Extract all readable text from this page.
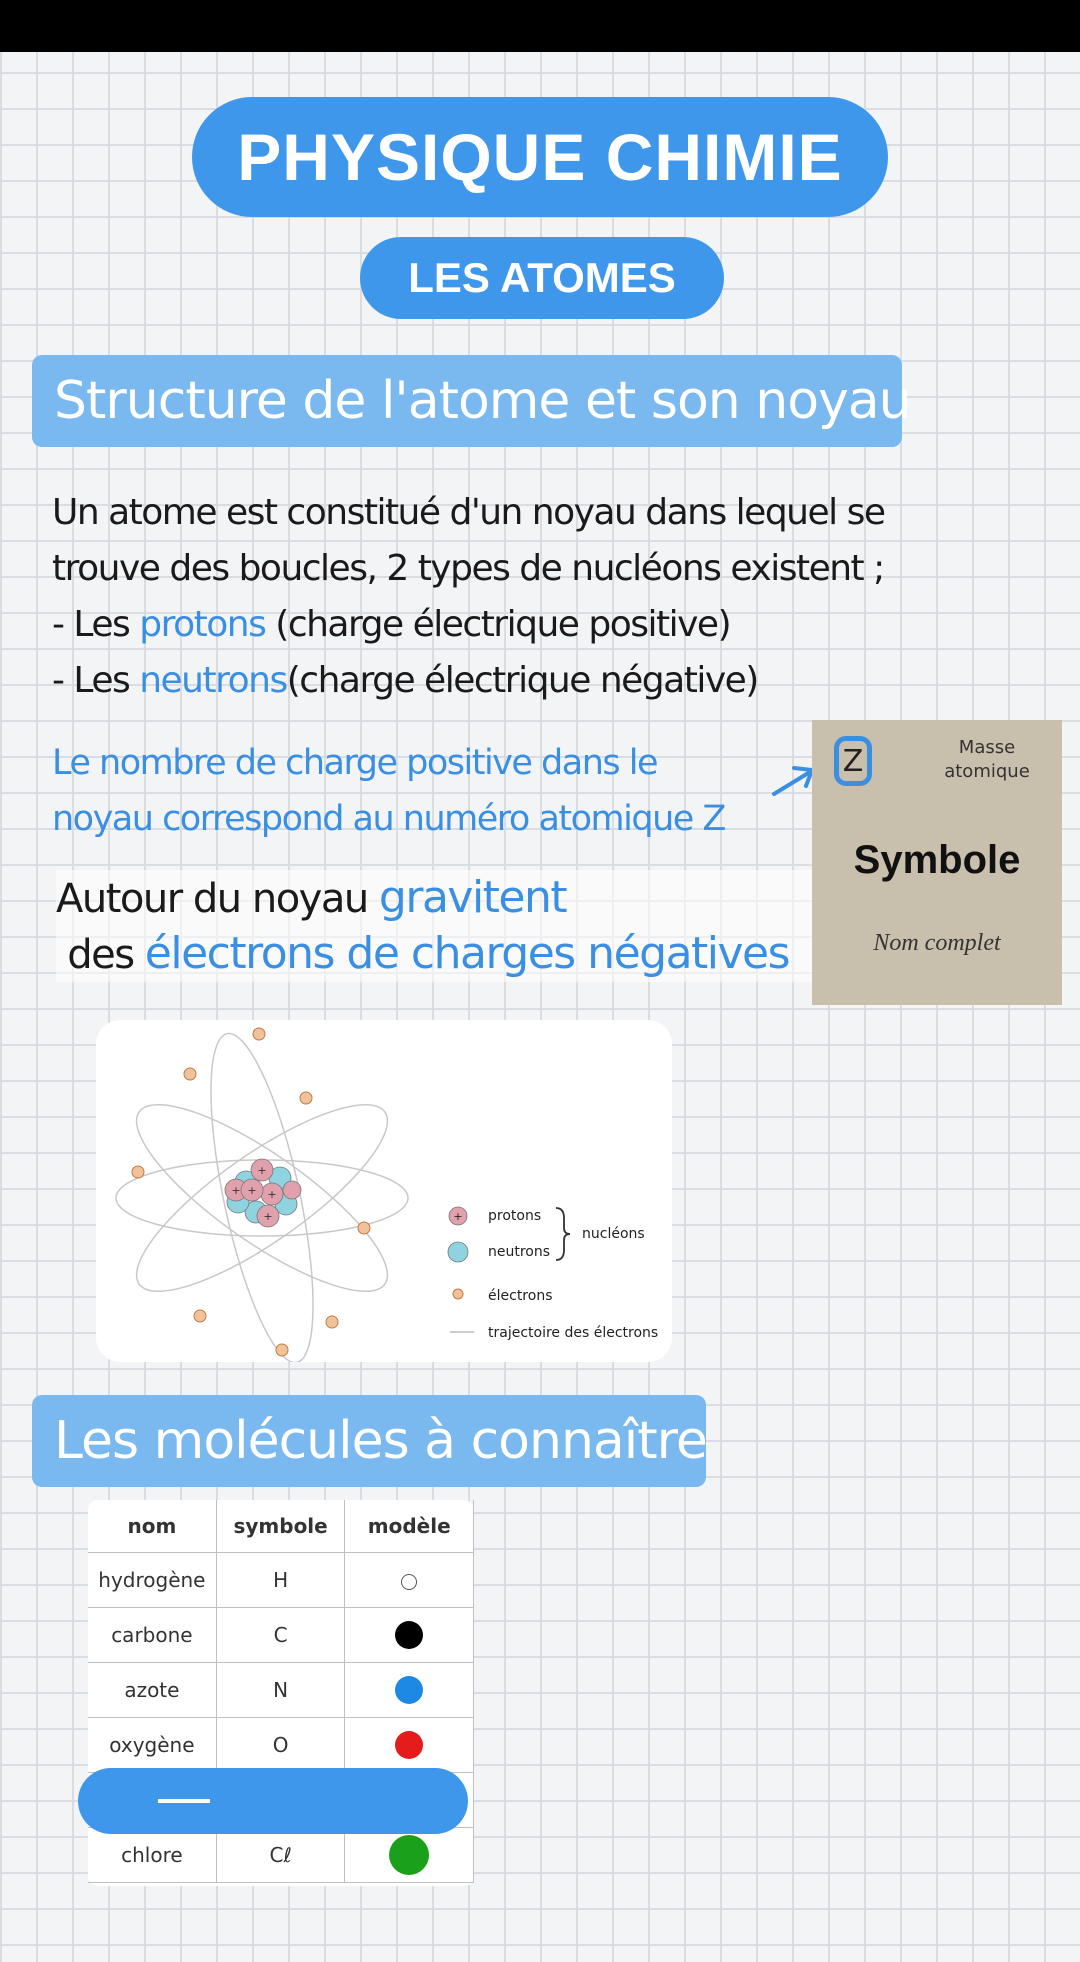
PHYSIQUE CHIMIE
LES ATOMES
Structure de l'atome et son noyau
Un atome est constitué d'un noyau dans lequel se
trouve des boucles, 2 types de nucléons existent ;
- Les protons (charge électrique positive)
- Les neutrons(charge électrique négative)
Le nombre de charge positive dans le
noyau correspond au numéro atomique Z
Autour du noyau gravitent
des électrons de charges négatives
Z	Masse
atomique
Symbole
Nom complet
+
+ +
+
+	+ protons
neutrons
nucléons
électrons
trajectoire des électrons
Les molécules à connaître
nom	symbole	modèle
hydrogène	H	
carbone	C	
azote	N	
oxygène	O	

chlore	Cℓ	
